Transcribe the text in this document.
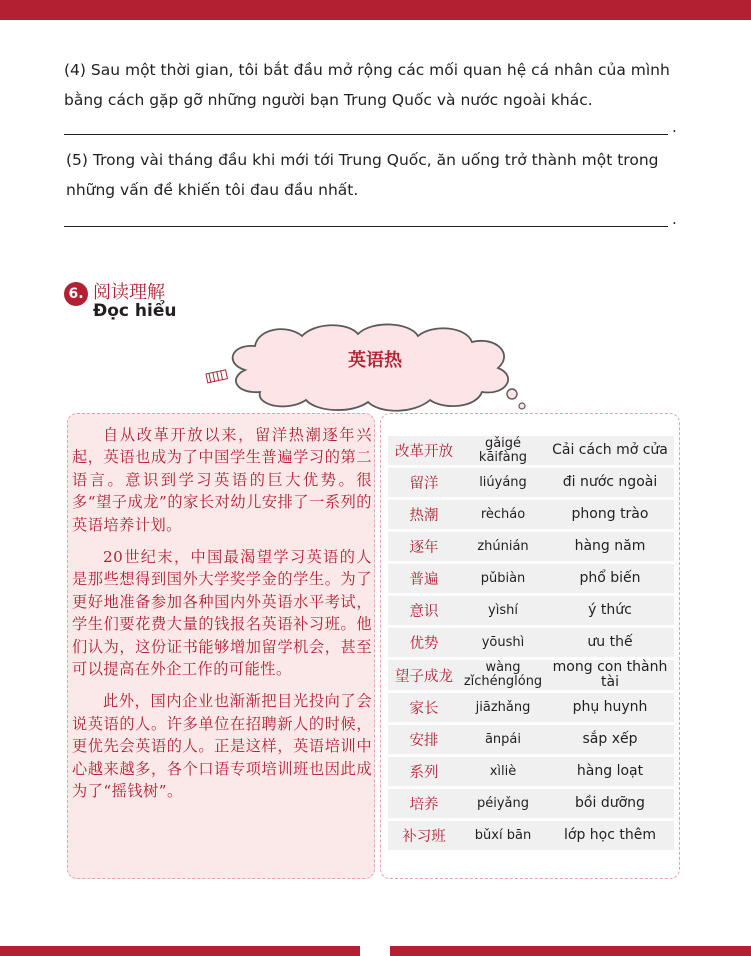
(4) Sau một thời gian, tôi bắt đầu mở rộng các mối quan hệ cá nhân của mình bằng cách gặp gỡ những người bạn Trung Quốc và nước ngoài khác.
.
(5) Trong vài tháng đầu khi mới tới Trung Quốc, ăn uống trở thành một trong những vấn đề khiến tôi đau đầu nhất.
.
6. 阅读理解
Đọc hiểu
英语热

自从改革开放以来，留洋热潮逐年兴起，英语也成为了中国学生普遍学习的第二语言。意识到学习英语的巨大优势。很多“望子成龙”的家长对幼儿安排了一系列的英语培养计划。

20世纪末，中国最渴望学习英语的人是那些想得到国外大学奖学金的学生。为了更好地准备参加各种国内外英语水平考试，学生们要花费大量的钱报名英语补习班。他们认为，这份证书能够增加留学机会，甚至可以提高在外企工作的可能性。

此外，国内企业也渐渐把目光投向了会说英语的人。许多单位在招聘新人的时候，更优先会英语的人。正是这样，英语培训中心越来越多，各个口语专项培训班也因此成为了“摇钱树”。

改革开放	gǎigé kāifàng	Cải cách mở cửa
留洋	liúyáng	đi nước ngoài
热潮	rècháo	phong trào
逐年	zhúnián	hàng năm
普遍	pǔbiàn	phổ biến
意识	yìshí	ý thức
优势	yōushì	ưu thế
望子成龙	wàng zǐchénglóng	mong con thành tài
家长	jiāzhǎng	phụ huynh
安排	ānpái	sắp xếp
系列	xìliè	hàng loạt
培养	péiyǎng	bồi dưỡng
补习班	bǔxí bān	lớp học thêm
